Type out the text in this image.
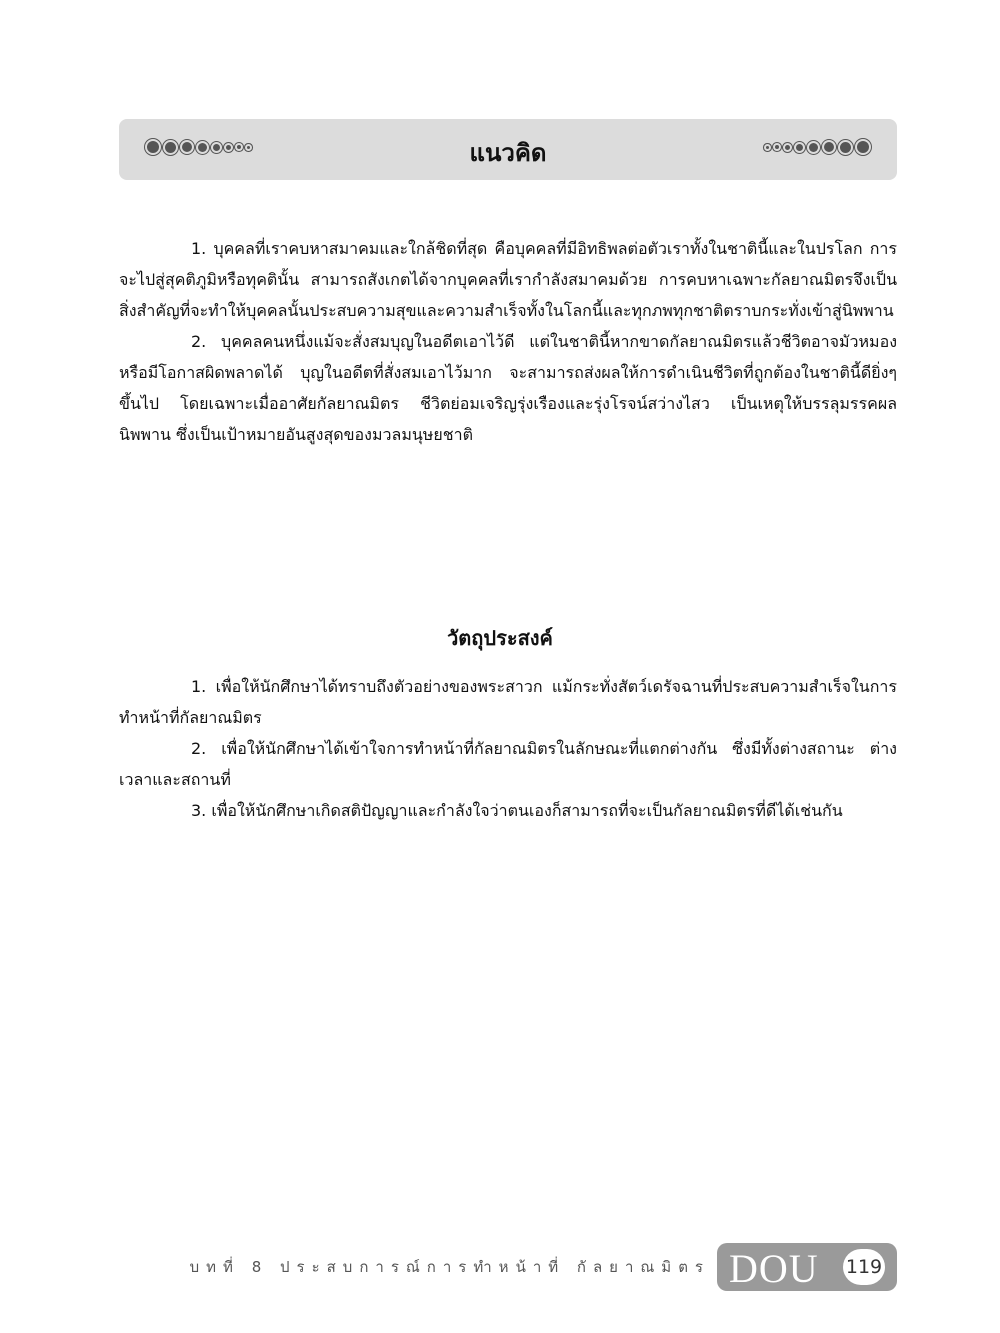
แนวคิด

1. บุคคลที่เราคบหาสมาคมและใกล้ชิดที่สุด คือบุคคลที่มีอิทธิพลต่อตัวเราทั้งในชาตินี้และในปรโลก การจะไปสู่สุคติภูมิหรือทุคตินั้น สามารถสังเกตได้จากบุคคลที่เรากำลังสมาคมด้วย การคบหาเฉพาะกัลยาณมิตรจึงเป็นสิ่งสำคัญที่จะทำให้บุคคลนั้นประสบความสุขและความสำเร็จทั้งในโลกนี้และทุกภพทุกชาติตราบกระทั่งเข้าสู่นิพพาน

2. บุคคลคนหนึ่งแม้จะสั่งสมบุญในอดีตเอาไว้ดี แต่ในชาตินี้หากขาดกัลยาณมิตรแล้วชีวิตอาจมัวหมอง หรือมีโอกาสผิดพลาดได้ บุญในอดีตที่สั่งสมเอาไว้มาก จะสามารถส่งผลให้การดำเนินชีวิตที่ถูกต้องในชาตินี้ดียิ่งๆ ขึ้นไป โดยเฉพาะเมื่ออาศัยกัลยาณมิตร ชีวิตย่อมเจริญรุ่งเรืองและรุ่งโรจน์สว่างไสว เป็นเหตุให้บรรลุมรรคผลนิพพาน ซึ่งเป็นเป้าหมายอันสูงสุดของมวลมนุษยชาติ

วัตถุประสงค์

1. เพื่อให้นักศึกษาได้ทราบถึงตัวอย่างของพระสาวก แม้กระทั่งสัตว์เดรัจฉานที่ประสบความสำเร็จในการทำหน้าที่กัลยาณมิตร

2. เพื่อให้นักศึกษาได้เข้าใจการทำหน้าที่กัลยาณมิตรในลักษณะที่แตกต่างกัน ซึ่งมีทั้งต่างสถานะ ต่างเวลาและสถานที่

3. เพื่อให้นักศึกษาเกิดสติปัญญาและกำลังใจว่าตนเองก็สามารถที่จะเป็นกัลยาณมิตรที่ดีได้เช่นกัน

บทที่ 8 ประสบการณ์การทำหน้าที่ กัลยาณมิตร DOU 119
